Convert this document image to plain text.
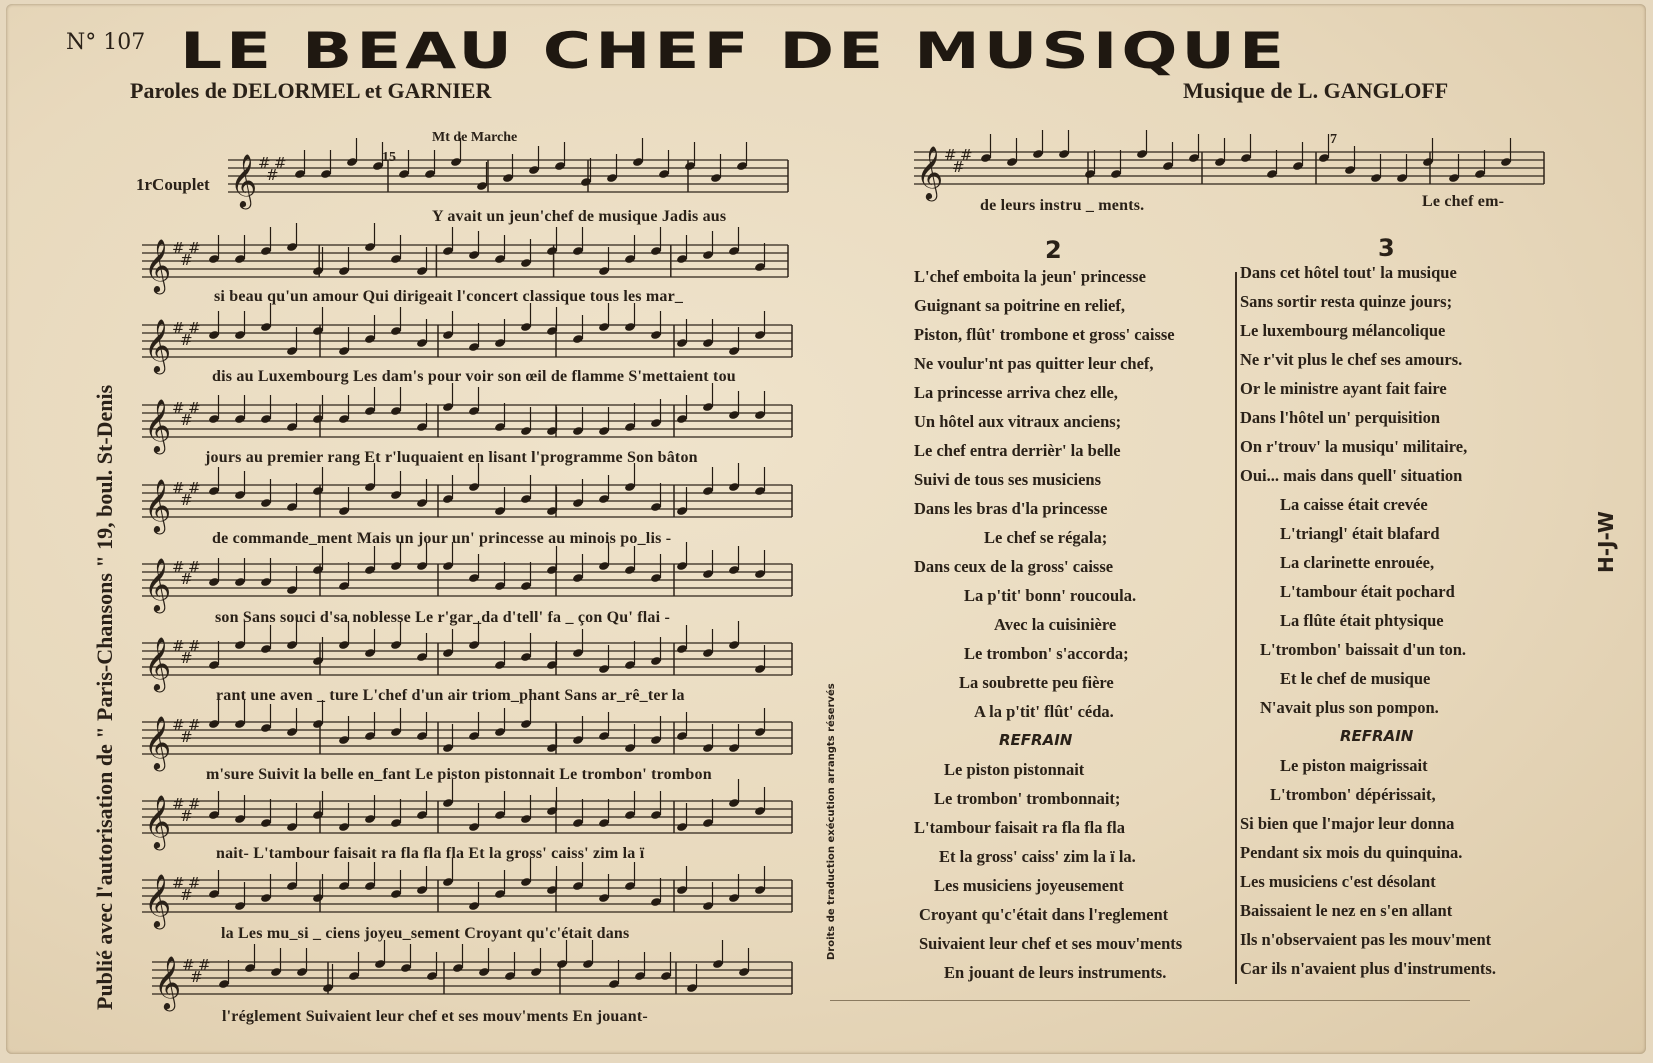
N° 107 LE BEAU CHEF DE MUSIQUE
Paroles de DELORMEL et GARNIER	Musique de L. GANGLOFF
Publié avec l'autorisation de " Paris-Chansons " 19, boul. St-Denis	H-J-W
Droits de traduction exécution arrangts réservés
1rCouplet
Mt de Marche
15
7
𝄞 #
#
#
𝄞 #
#
#
𝄞 #
#
#
𝄞 #
#
#
𝄞 #
#
#
𝄞 #
#
#
𝄞 #
#
#
𝄞 #
#
#
𝄞 #
#
#
𝄞 #
#
#
𝄞 #
#
#
𝄞 #
#
#
Y avait un jeun'chef de musique Jadis aus
si beau qu'un amour Qui dirigeait l'concert classique tous les mar_
dis au Luxembourg Les dam's pour voir son œil de flamme S'mettaient tou
jours au premier rang Et r'luquaient en lisant l'programme Son bâton
de commande_ment Mais un jour un' princesse au minois po_lis -
son Sans souci d'sa noblesse Le r'gar_da d'tell' fa _ çon Qu' flai -
rant une aven _ ture L'chef d'un air triom_phant Sans ar_rê_ter la
m'sure Suivit la belle en_fant Le piston pistonnait Le trombon' trombon
nait- L'tambour faisait ra fla fla fla Et la gross' caiss' zim la ï
la Les mu_si _ ciens joyeu_sement Croyant qu'c'était dans
l'réglement Suivaient leur chef et ses mouv'ments En jouant-
de leurs instru _ ments.	Le chef em-
2	3
L'chef emboita la jeun' princesse
Guignant sa poitrine en relief,
Piston, flût' trombone et gross' caisse
Ne voulur'nt pas quitter leur chef,
La princesse arriva chez elle,
Un hôtel aux vitraux anciens;
Le chef entra derrièr' la belle
Suivi de tous ses musiciens
Dans les bras d'la princesse
Le chef se régala;
Dans ceux de la gross' caisse
La p'tit' bonn' roucoula.
Avec la cuisinière
Le trombon' s'accorda;
La soubrette peu fière
A la p'tit' flût' céda.
REFRAIN
Le piston pistonnait
Le trombon' trombonnait;
L'tambour faisait ra fla fla fla
Et la gross' caiss' zim la ï la.
Les musiciens joyeusement
Croyant qu'c'était dans l'reglement
Suivaient leur chef et ses mouv'ments
En jouant de leurs instruments.
Dans cet hôtel tout' la musique
Sans sortir resta quinze jours;
Le luxembourg mélancolique
Ne r'vit plus le chef ses amours.
Or le ministre ayant fait faire
Dans l'hôtel un' perquisition
On r'trouv' la musiqu' militaire,
Oui... mais dans quell' situation
La caisse était crevée
L'triangl' était blafard
La clarinette enrouée,
L'tambour était pochard
La flûte était phtysique
L'trombon' baissait d'un ton.
Et le chef de musique
N'avait plus son pompon.
REFRAIN
Le piston maigrissait
L'trombon' dépérissait,
Si bien que l'major leur donna
Pendant six mois du quinquina.
Les musiciens c'est désolant
Baissaient le nez en s'en allant
Ils n'observaient pas les mouv'ment
Car ils n'avaient plus d'instruments.
